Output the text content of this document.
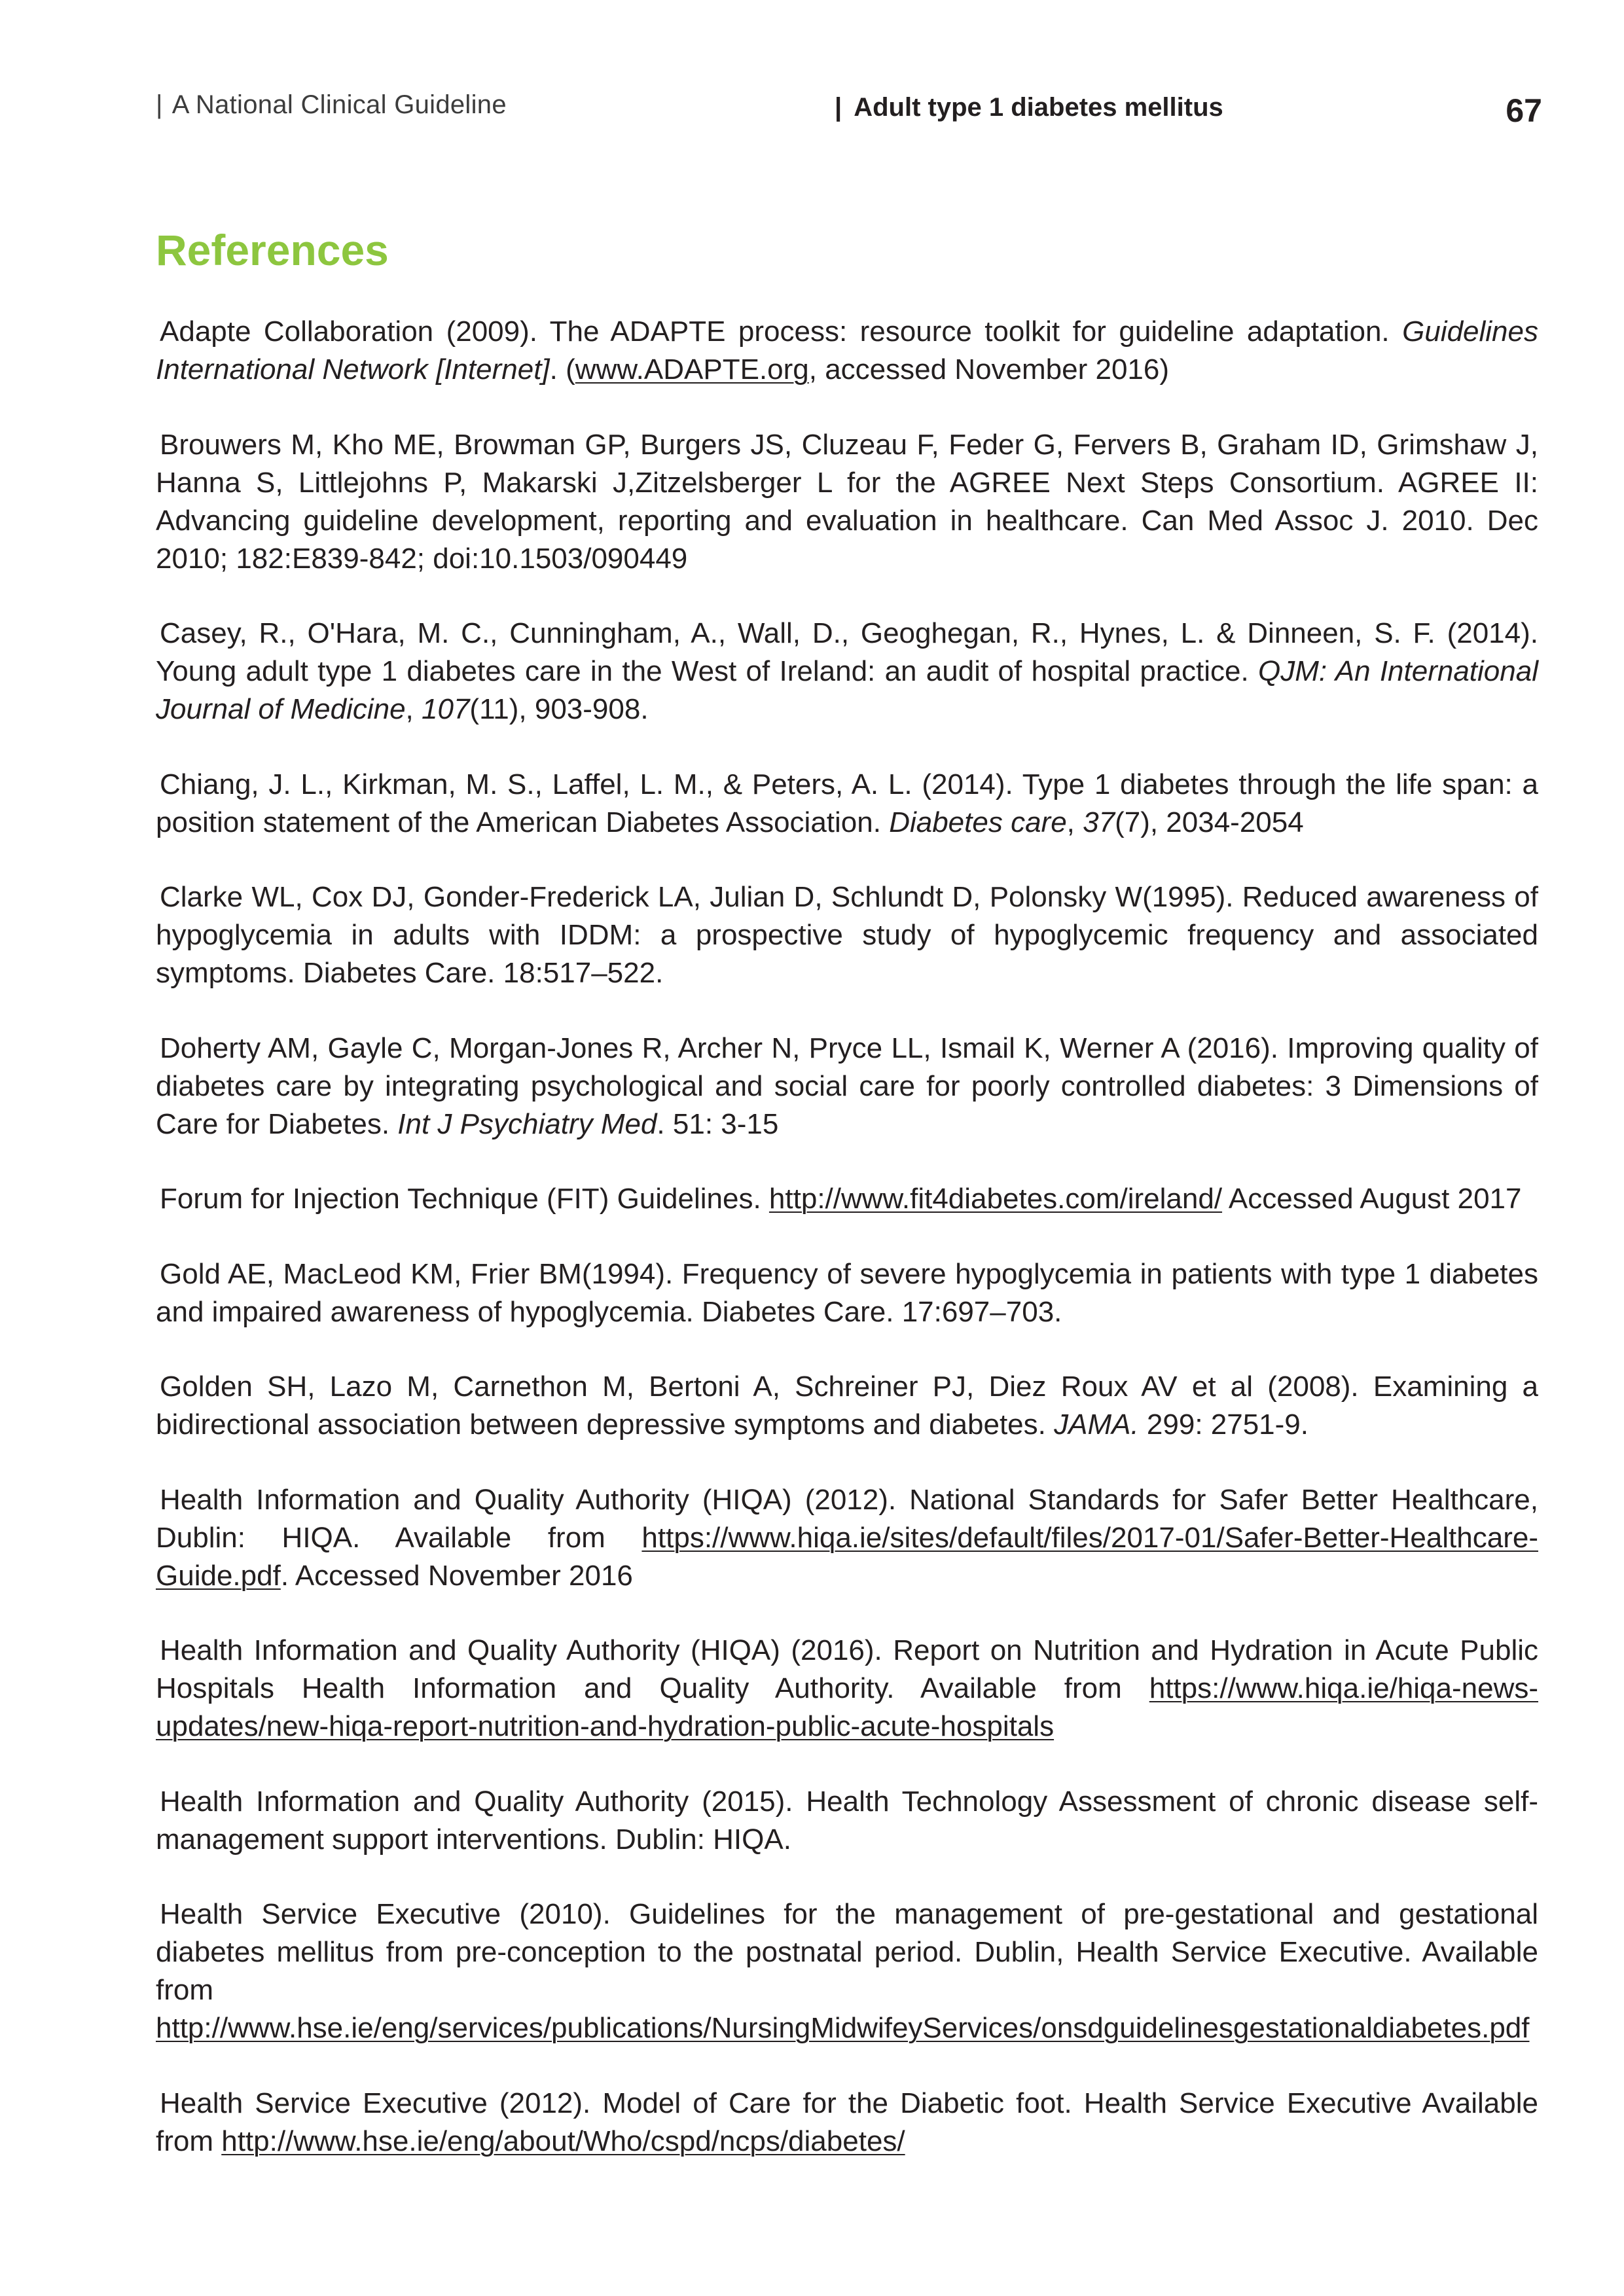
| A National Clinical Guideline	| Adult type 1 diabetes mellitus	67
References

Adapte Collaboration (2009). The ADAPTE process: resource toolkit for guideline adaptation. Guidelines International Network [Internet]. (www.ADAPTE.org, accessed November 2016)

Brouwers M, Kho ME, Browman GP, Burgers JS, Cluzeau F, Feder G, Fervers B, Graham ID, Grimshaw J, Hanna S, Littlejohns P, Makarski J,Zitzelsberger L for the AGREE Next Steps Consortium. AGREE II: Advancing guideline development, reporting and evaluation in healthcare. Can Med Assoc J. 2010. Dec 2010; 182:E839-842; doi:10.1503/090449

Casey, R., O'Hara, M. C., Cunningham, A., Wall, D., Geoghegan, R., Hynes, L. & Dinneen, S. F. (2014). Young adult type 1 diabetes care in the West of Ireland: an audit of hospital practice. QJM: An International Journal of Medicine, 107(11), 903-908.

Chiang, J. L., Kirkman, M. S., Laffel, L. M., & Peters, A. L. (2014). Type 1 diabetes through the life span: a position statement of the American Diabetes Association. Diabetes care, 37(7), 2034-2054

Clarke WL, Cox DJ, Gonder-Frederick LA, Julian D, Schlundt D, Polonsky W(1995). Reduced awareness of hypoglycemia in adults with IDDM: a prospective study of hypoglycemic frequency and associated symptoms. Diabetes Care. 18:517–522.

Doherty AM, Gayle C, Morgan-Jones R, Archer N, Pryce LL, Ismail K, Werner A (2016). Improving quality of diabetes care by integrating psychological and social care for poorly controlled diabetes: 3 Dimensions of Care for Diabetes. Int J Psychiatry Med. 51: 3-15

Forum for Injection Technique (FIT) Guidelines. http://www.fit4diabetes.com/ireland/ Accessed August 2017

Gold AE, MacLeod KM, Frier BM(1994). Frequency of severe hypoglycemia in patients with type 1 diabetes and impaired awareness of hypoglycemia. Diabetes Care. 17:697–703.

Golden SH, Lazo M, Carnethon M, Bertoni A, Schreiner PJ, Diez Roux AV et al (2008). Examining a bidirectional association between depressive symptoms and diabetes. JAMA. 299: 2751-9.

Health Information and Quality Authority (HIQA) (2012). National Standards for Safer Better Healthcare, Dublin: HIQA. Available from https://www.hiqa.ie/sites/default/files/2017-01/Safer-Better-Healthcare-Guide.pdf. Accessed November 2016

Health Information and Quality Authority (HIQA) (2016). Report on Nutrition and Hydration in Acute Public Hospitals Health Information and Quality Authority. Available from https://www.hiqa.ie/hiqa-news-updates/new-hiqa-report-nutrition-and-hydration-public-acute-hospitals

Health Information and Quality Authority (2015). Health Technology Assessment of chronic disease self-management support interventions. Dublin: HIQA.

Health Service Executive (2010). Guidelines for the management of pre-gestational and gestational diabetes mellitus from pre-conception to the postnatal period. Dublin, Health Service Executive. Available from http://www.hse.ie/eng/services/publications/NursingMidwifeyServices/onsdguidelinesgestationaldiabetes.pdf

Health Service Executive (2012). Model of Care for the Diabetic foot. Health Service Executive Available from http://www.hse.ie/eng/about/Who/cspd/ncps/diabetes/
